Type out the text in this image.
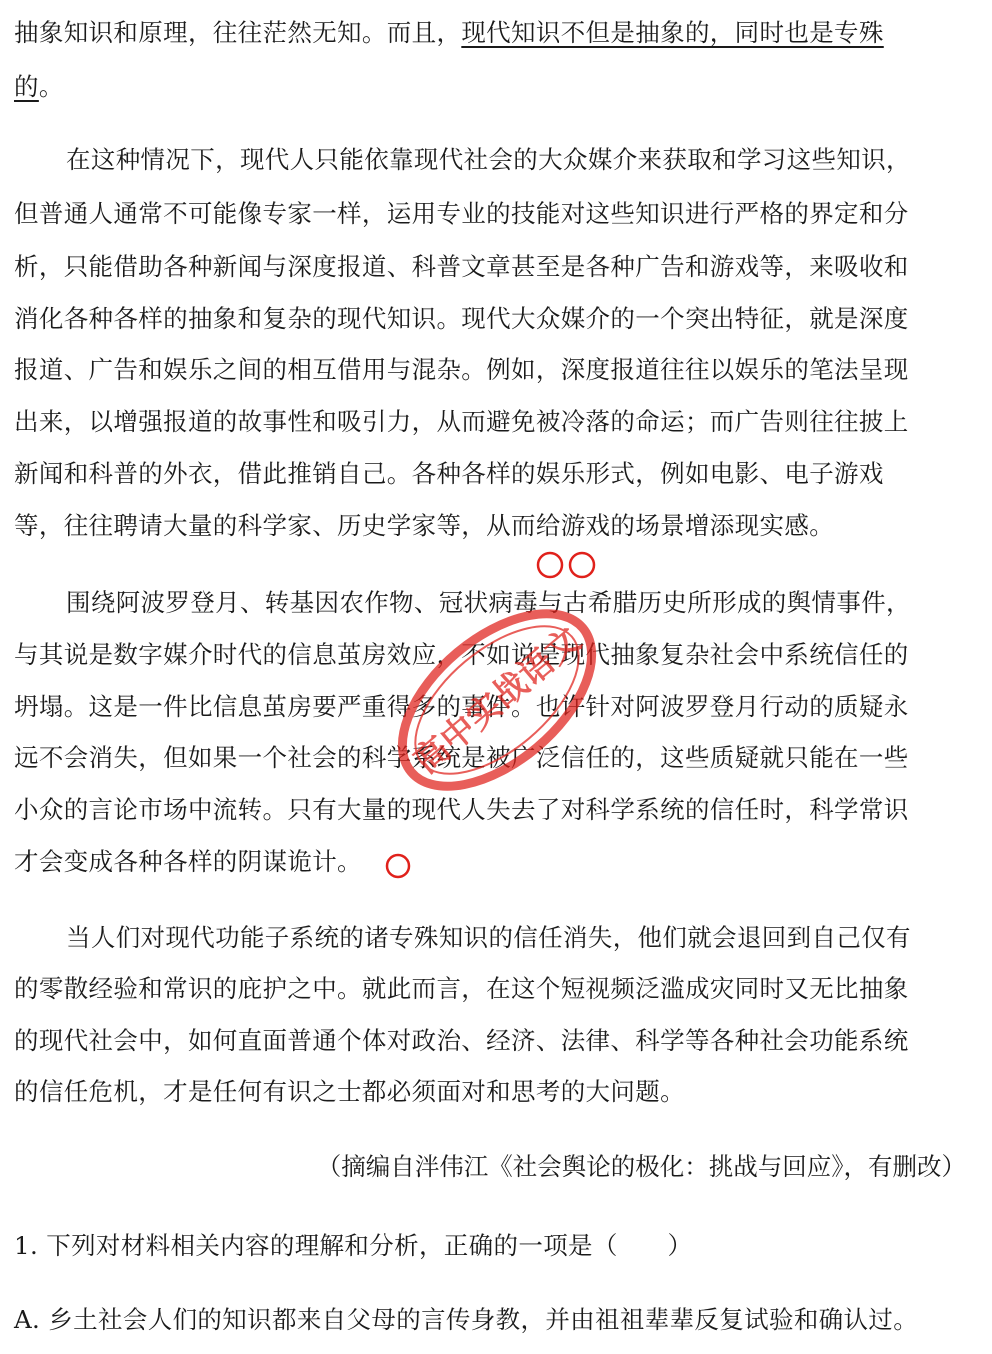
抽象知识和原理，往往茫然无知。而且，现代知识不但是抽象的，同时也是专殊
的。
在这种情况下，现代人只能依靠现代社会的大众媒介来获取和学习这些知识，
但普通人通常不可能像专家一样，运用专业的技能对这些知识进行严格的界定和分
析，只能借助各种新闻与深度报道、科普文章甚至是各种广告和游戏等，来吸收和
消化各种各样的抽象和复杂的现代知识。现代大众媒介的一个突出特征，就是深度
报道、广告和娱乐之间的相互借用与混杂。例如，深度报道往往以娱乐的笔法呈现
出来，以增强报道的故事性和吸引力，从而避免被冷落的命运；而广告则往往披上
新闻和科普的外衣，借此推销自己。各种各样的娱乐形式，例如电影、电子游戏
等，往往聘请大量的科学家、历史学家等，从而给游戏的场景增添现实感。
围绕阿波罗登月、转基因农作物、冠状病毒与古希腊历史所形成的舆情事件，
与其说是数字媒介时代的信息茧房效应，不如说是现代抽象复杂社会中系统信任的
坍塌。这是一件比信息茧房要严重得多的事件。也许针对阿波罗登月行动的质疑永
远不会消失，但如果一个社会的科学系统是被广泛信任的，这些质疑就只能在一些
小众的言论市场中流转。只有大量的现代人失去了对科学系统的信任时，科学常识
才会变成各种各样的阴谋诡计。
当人们对现代功能子系统的诸专殊知识的信任消失，他们就会退回到自己仅有
的零散经验和常识的庇护之中。就此而言，在这个短视频泛滥成灾同时又无比抽象
的现代社会中，如何直面普通个体对政治、经济、法律、科学等各种社会功能系统
的信任危机，才是任何有识之士都必须面对和思考的大问题。
（摘编自泮伟江《社会舆论的极化：挑战与回应》，有删改）
1. 下列对材料相关内容的理解和分析，正确的一项是（　　）
A. 乡土社会人们的知识都来自父母的言传身教，并由祖祖辈辈反复试验和确认过。
高中实战语文
